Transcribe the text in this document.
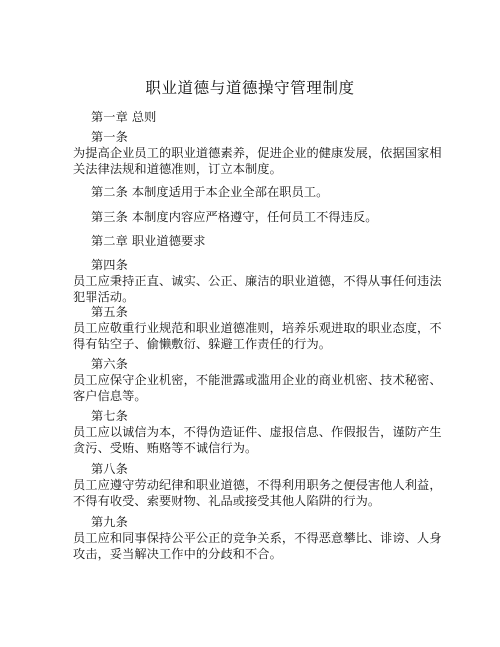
职业道德与道德操守管理制度
第一章 总则
第一条
为提高企业员工的职业道德素养，促进企业的健康发展，依据国家相
关法律法规和道德准则，订立本制度。
第二条 本制度适用于本企业全部在职员工。
第三条 本制度内容应严格遵守，任何员工不得违反。
第二章 职业道德要求
第四条
员工应秉持正直、诚实、公正、廉洁的职业道德，不得从事任何违法
犯罪活动。
第五条
员工应敬重行业规范和职业道德准则，培养乐观进取的职业态度，不
得有钻空子、偷懒敷衍、躲避工作责任的行为。
第六条
员工应保守企业机密，不能泄露或滥用企业的商业机密、技术秘密、
客户信息等。
第七条
员工应以诚信为本，不得伪造证件、虚报信息、作假报告，谨防产生
贪污、受贿、贿赂等不诚信行为。
第八条
员工应遵守劳动纪律和职业道德，不得利用职务之便侵害他人利益，
不得有收受、索要财物、礼品或接受其他人陷阱的行为。
第九条
员工应和同事保持公平公正的竞争关系，不得恶意攀比、诽谤、人身
攻击，妥当解决工作中的分歧和不合。
